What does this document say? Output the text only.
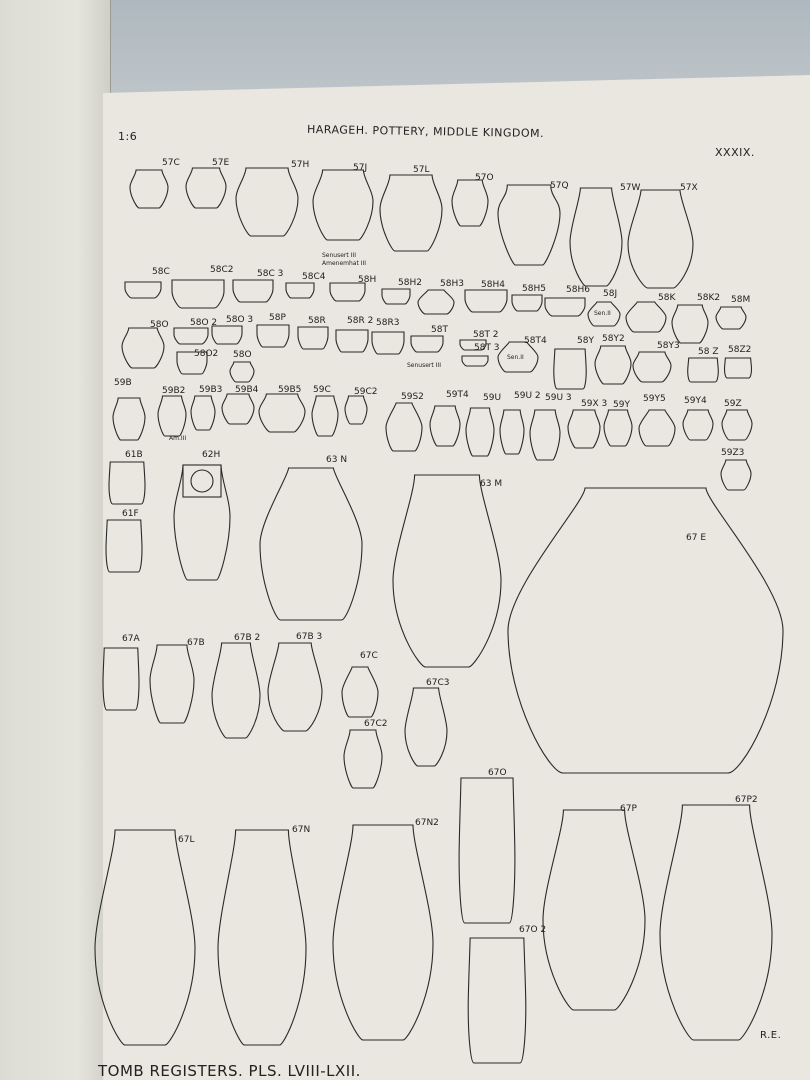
1:6	HARAGEH. POTTERY, MIDDLE KINGDOM.
XXXIX.
TOMB REGISTERS. PLS. LVIII-LXII.
R.E.
57C	57E	57H	57J	57L
57O
57Q	57W	57X
58C	58C2	58C 3 58C4	58H 58H2 58H3 58H4 58H5 58H6 58J	58K 58K2 58M
58O 58O 2 58O 3 58P 58R 58R 2 58R3
58T	58T 2
58T 3
58O2 58O
58T4	58Y 58Y2
58Y3
58 Z 58Z2
59B
59B2 59B3 59B4 59B5 59C	59C2	59S2 59T4 59U 59U 2 59U 3
59X 3 59Y
59Y5 59Y4 59Z
59Z3
61B
61F
62H	63 N
63 M
67 E
67A	67B	67B 2	67B 3
67C
67C3
67C2
67O
67O 2
67L
67N
67N2
67P
67P2
Senusert III
Amenemhat III
Sen.II
Senusert III
Sen.II
Am.III
